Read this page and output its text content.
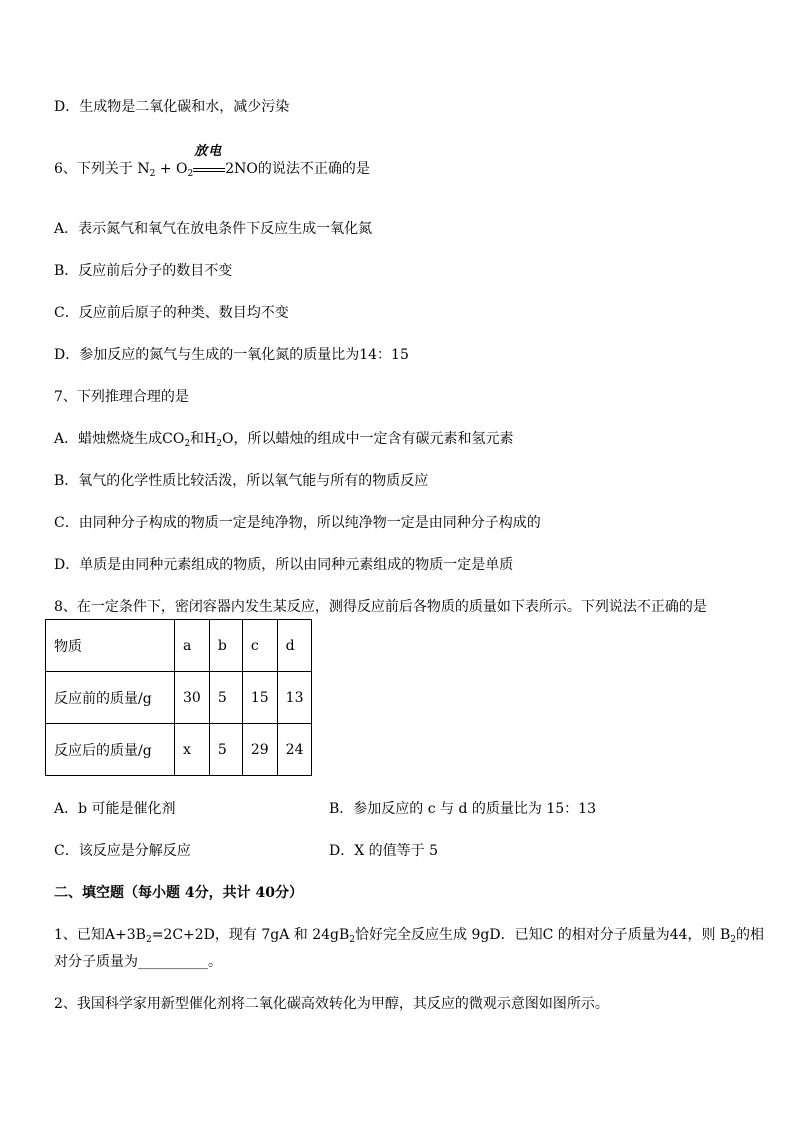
D．生成物是二氧化碳和水，减少污染
6、下列关于 $N_2 + O_2$
放电
2NO的说法不正确的是
A．表示氮气和氧气在放电条件下反应生成一氧化氮
B．反应前后分子的数目不变
C．反应前后原子的种类、数目均不变
D．参加反应的氮气与生成的一氧化氮的质量比为14：15
7、下列推理合理的是
A．蜡烛燃烧生成$CO_2$和$H_2O$，所以蜡烛的组成中一定含有碳元素和氢元素
B．氧气的化学性质比较活泼，所以氧气能与所有的物质反应
C．由同种分子构成的物质一定是纯净物，所以纯净物一定是由同种分子构成的
D．单质是由同种元素组成的物质，所以由同种元素组成的物质一定是单质
8、在一定条件下，密闭容器内发生某反应，测得反应前后各物质的质量如下表所示。下列说法不正确的是
物质	a	b	c	d
反应前的质量/g	30	5	15	13
反应后的质量/g	x	5	29	24
A．b 可能是催化剂	B．参加反应的 c 与 d 的质量比为 15：13
C．该反应是分解反应	D．X 的值等于 5
二、填空题（每小题 4分，共计 40分）
1、已知$A+3B_2=2C+2D$，现有 7gA 和 $24gB_2$恰好完全反应生成 9gD．已知C 的相对分子质量为44，则 $B_2$的相
对分子质量为__________。
2、我国科学家用新型催化剂将二氧化碳高效转化为甲醇，其反应的微观示意图如图所示。
